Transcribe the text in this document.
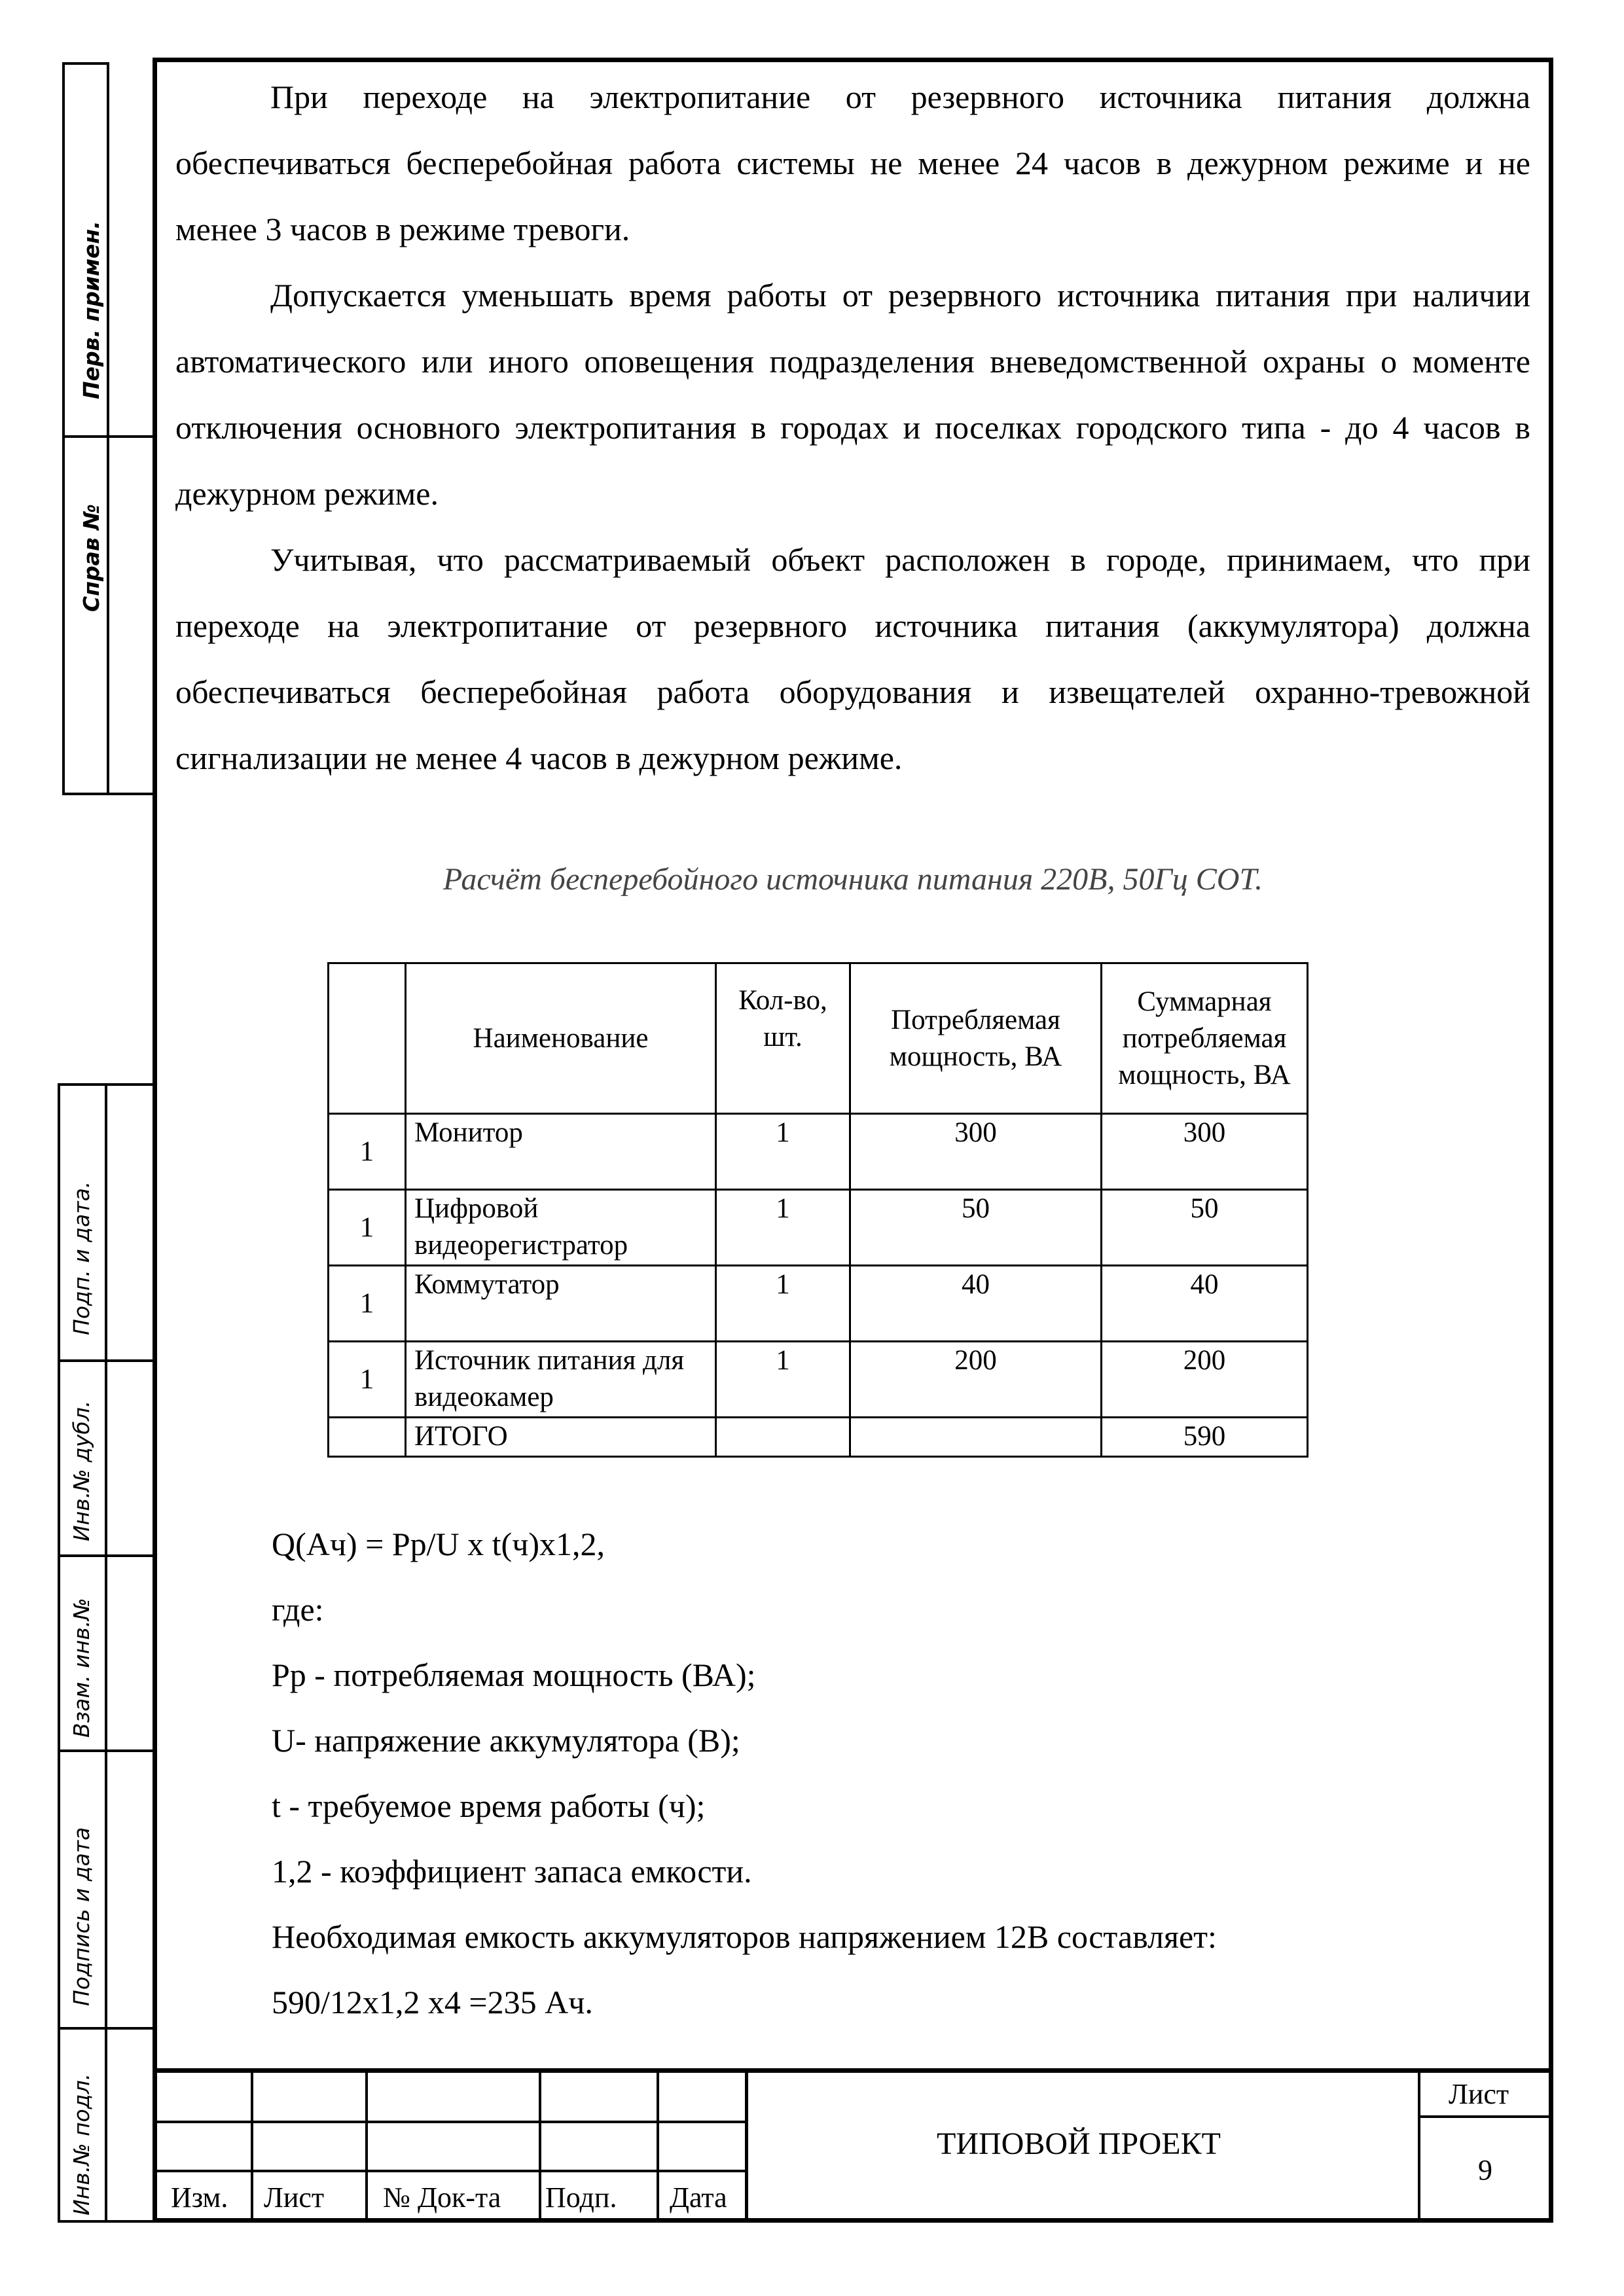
Перв. примен.
Справ №
Подп. и дата.
Инв.№ дубл.
Взам. инв.№
Подпись и дата
Инв.№ подл.

При переходе на электропитание от резервного источника питания должна обеспечиваться бесперебойная работа системы не менее 24 часов в дежурном режиме и не менее 3 часов в режиме тревоги.

Допускается уменьшать время работы от резервного источника питания при наличии автоматического или иного оповещения подразделения вневедомственной охраны о моменте отключения основного электропитания в городах и поселках городского типа - до 4 часов в дежурном режиме.

Учитывая, что рассматриваемый объект расположен в городе, принимаем, что при переходе на электропитание от резервного источника питания (аккумулятора) должна обеспечиваться бесперебойная работа оборудования и извещателей охранно-тревожной сигнализации не менее 4 часов в дежурном режиме.

Расчёт бесперебойного источника питания 220В, 50Гц СОТ.
	Наименование	Кол-во, шт.	Потребляемая мощность, ВА	Суммарная потребляемая мощность, ВА
1	Монитор	1	300	300
1	Цифровой видеорегистратор	1	50	50
1	Коммутатор	1	40	40
1	Источник питания для видеокамер	1	200	200
	ИТОГО			590
Q(Ач) = Рр/U х t(ч)х1,2,
где:
Рр - потребляемая мощность (ВА);
U- напряжение аккумулятора (В);
t - требуемое время работы (ч);
1,2 - коэффициент запаса емкости.
Необходимая емкость аккумуляторов напряжением 12В составляет:
590/12х1,2 х4 =235 Ач.
Изм. Лист № Док-та Подп. Дата
ТИПОВОЙ ПРОЕКТ
Лист
9
